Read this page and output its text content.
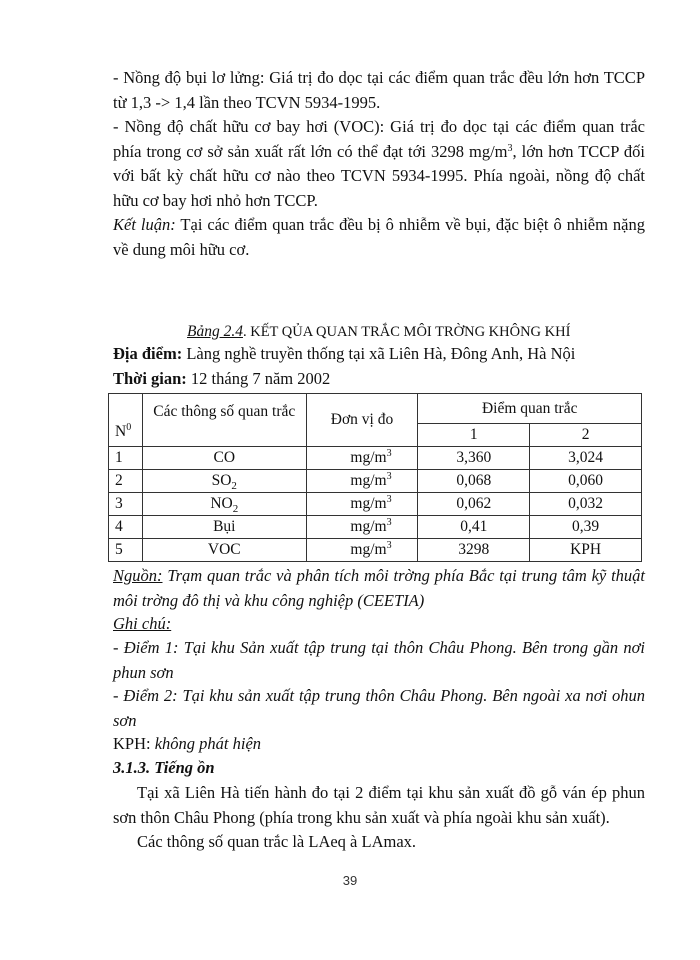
- Nồng độ bụi lơ lửng: Giá trị đo dọc tại các điểm quan trắc đều lớn hơn TCCP từ 1,3 -> 1,4 lần theo TCVN 5934-1995.

- Nồng độ chất hữu cơ bay hơi (VOC): Giá trị đo dọc tại các điểm quan trắc phía trong cơ sở sản xuất rất lớn có thể đạt tới 3298 $mg/m^3$, lớn hơn TCCP đối với bất kỳ chất hữu cơ nào theo TCVN 5934-1995. Phía ngoài, nồng độ chất hữu cơ bay hơi nhỏ hơn TCCP.

Kết luận: Tại các điểm quan trắc đều bị ô nhiễm về bụi, đặc biệt ô nhiễm nặng về dung môi hữu cơ.

Bảng 2.4. KẾT QỦA QUAN TRẮC MÔI TRỜNG KHÔNG KHÍ
Địa điểm: Làng nghề truyền thống tại xã Liên Hà, Đông Anh, Hà Nội
Thời gian: 12 tháng 7 năm 2002
$N^0$	Các thông số quan trắc	Đơn vị đo	Điểm quan trắc	
			1	2
1	CO	$mg/m^3$	3,360	3,024
2	$SO_2$	$mg/m^3$	0,068	0,060
3	$NO_2$	$mg/m^3$	0,062	0,032
4	Bụi	$mg/m^3$	0,41	0,39
5	VOC	$mg/m^3$	3298	KPH

Nguồn: Trạm quan trắc và phân tích môi trờng phía Bắc tại trung tâm kỹ thuật môi trờng đô thị và khu công nghiệp (CEETIA)

Ghi chú:

- Điểm 1: Tại khu Sản xuất tập trung tại thôn Châu Phong. Bên trong gần nơi phun sơn

- Điểm 2: Tại khu sản xuất tập trung thôn Châu Phong. Bên ngoài xa nơi ohun sơn

KPH: không phát hiện

3.1.3. Tiếng ồn

Tại xã Liên Hà tiến hành đo tại 2 điểm tại khu sản xuất đồ gỗ ván ép phun sơn thôn Châu Phong (phía trong khu sản xuất và phía ngoài khu sản xuất).

Các thông số quan trắc là LAeq à LAmax.

39
